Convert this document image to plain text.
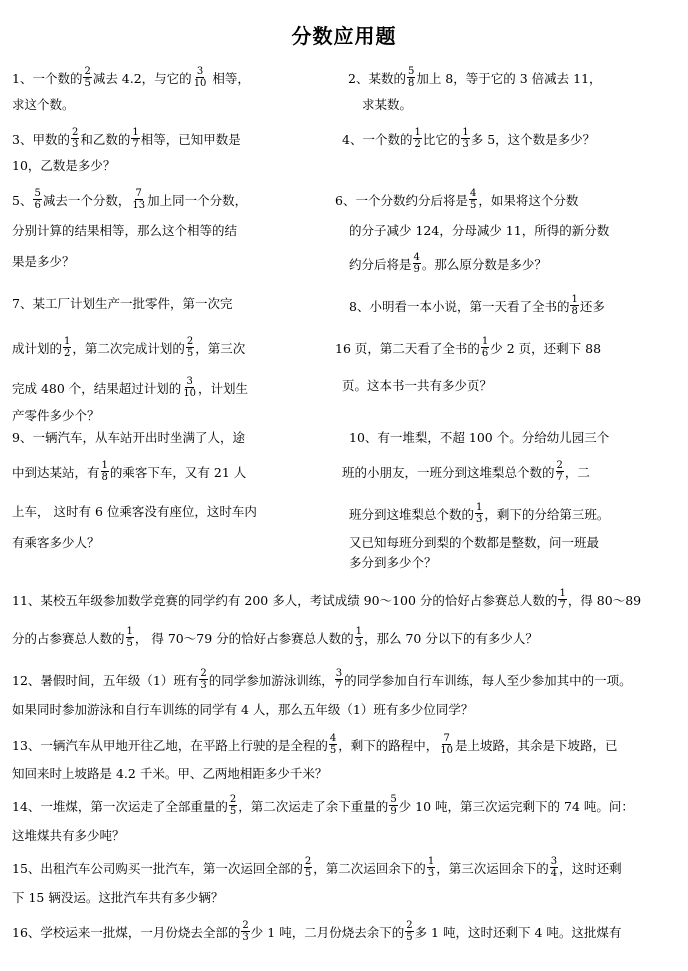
分数应用题
1、一个数的 $\frac{2}{5}$ 减去 4.2，与它的 $\frac{3}{10}$ 相等，
求这个数。
2、某数的 $\frac{5}{8}$ 加上 8，等于它的 3 倍减去 11，
求某数。
3、甲数的 $\frac{2}{3}$ 和乙数的 $\frac{1}{7}$ 相等，已知甲数是
10，乙数是多少？
4、一个数的 $\frac{1}{2}$ 比它的 $\frac{1}{3}$ 多 5，这个数是多少？
5、 $\frac{5}{6}$ 减去一个分数， $\frac{7}{13}$ 加上同一个分数，
分别计算的结果相等，那么这个相等的结
果是多少？
6、一个分数约分后将是 $\frac{4}{5}$ ，如果将这个分数
的分子减少 124，分母减少 11，所得的新分数
约分后将是 $\frac{4}{9}$ 。那么原分数是多少？
7、某工厂计划生产一批零件，第一次完
成计划的 $\frac{1}{2}$ ，第二次完成计划的 $\frac{2}{5}$ ，第三次
完成 480 个，结果超过计划的 $\frac{3}{10}$ ，计划生
产零件多少个？
8、小明看一本小说，第一天看了全书的 $\frac{1}{8}$ 还多
16 页，第二天看了全书的 $\frac{1}{6}$ 少 2 页，还剩下 88
页。这本书一共有多少页？
9、一辆汽车，从车站开出时坐满了人，途
中到达某站，有 $\frac{1}{8}$ 的乘客下车，又有 21 人
上车， 这时有 6 位乘客没有座位，这时车内
有乘客多少人？
10、有一堆梨，不超 100 个。分给幼儿园三个
班的小朋友，一班分到这堆梨总个数的 $\frac{2}{7}$ ，二
班分到这堆梨总个数的 $\frac{1}{3}$ ，剩下的分给第三班。
又已知每班分到梨的个数都是整数，问一班最
多分到多少个？
11、某校五年级参加数学竞赛的同学约有 200 多人，考试成绩 90～100 分的恰好占参赛总人数的 $\frac{1}{7}$ ，得 80～89
分的占参赛总人数的 $\frac{1}{5}$ ， 得 70～79 分的恰好占参赛总人数的 $\frac{1}{3}$ ，那么 70 分以下的有多少人？
12、暑假时间，五年级（1）班有 $\frac{2}{3}$ 的同学参加游泳训练， $\frac{3}{7}$ 的同学参加自行车训练，每人至少参加其中的一项。
如果同时参加游泳和自行车训练的同学有 4 人，那么五年级（1）班有多少位同学？
13、一辆汽车从甲地开往乙地，在平路上行驶的是全程的 $\frac{4}{5}$ ，剩下的路程中， $\frac{7}{10}$ 是上坡路，其余是下坡路，已
知回来时上坡路是 4.2 千米。甲、乙两地相距多少千米？
14、一堆煤，第一次运走了全部重量的 $\frac{2}{5}$ ，第二次运走了余下重量的 $\frac{5}{9}$ 少 10 吨，第三次运完剩下的 74 吨。问：
这堆煤共有多少吨？
15、出租汽车公司购买一批汽车，第一次运回全部的 $\frac{2}{5}$ ，第二次运回余下的 $\frac{1}{3}$ ，第三次运回余下的 $\frac{3}{4}$ ，这时还剩
下 15 辆没运。这批汽车共有多少辆？
16、学校运来一批煤，一月份烧去全部的 $\frac{2}{3}$ 少 1 吨，二月份烧去余下的 $\frac{2}{5}$ 多 1 吨，这时还剩下 4 吨。这批煤有
